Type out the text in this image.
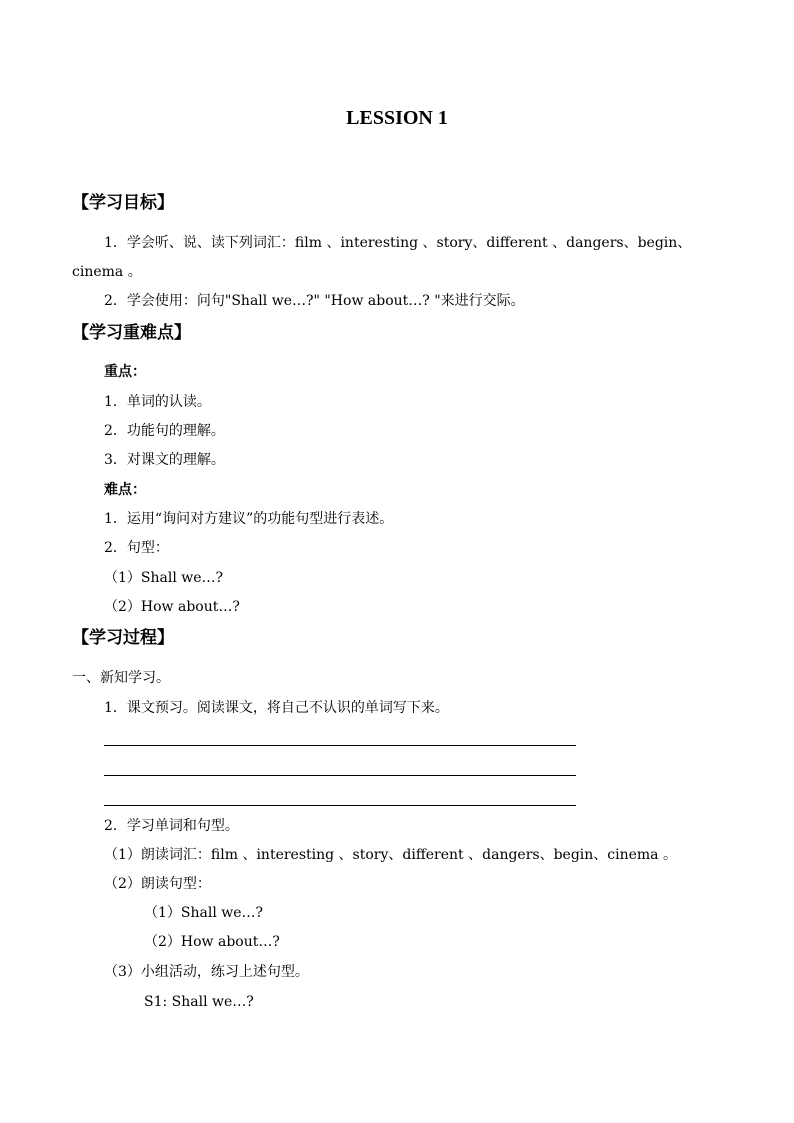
LESSION 1
【学习目标】
1．学会听、说、读下列词汇：film 、interesting 、story、different 、dangers、begin、
cinema 。
2．学会使用：问句"Shall we…?" "How about…? "来进行交际。
【学习重难点】
重点：
1．单词的认读。
2．功能句的理解。
3．对课文的理解。
难点：
1．运用“询问对方建议”的功能句型进行表述。
2．句型：
（1）Shall we…?
（2）How about…?
【学习过程】
一、新知学习。
1．课文预习。阅读课文，将自己不认识的单词写下来。
2．学习单词和句型。
（1）朗读词汇：film 、interesting 、story、different 、dangers、begin、cinema 。
（2）朗读句型：
（1）Shall we…?
（2）How about…?
（3）小组活动，练习上述句型。
S1: Shall we…?
